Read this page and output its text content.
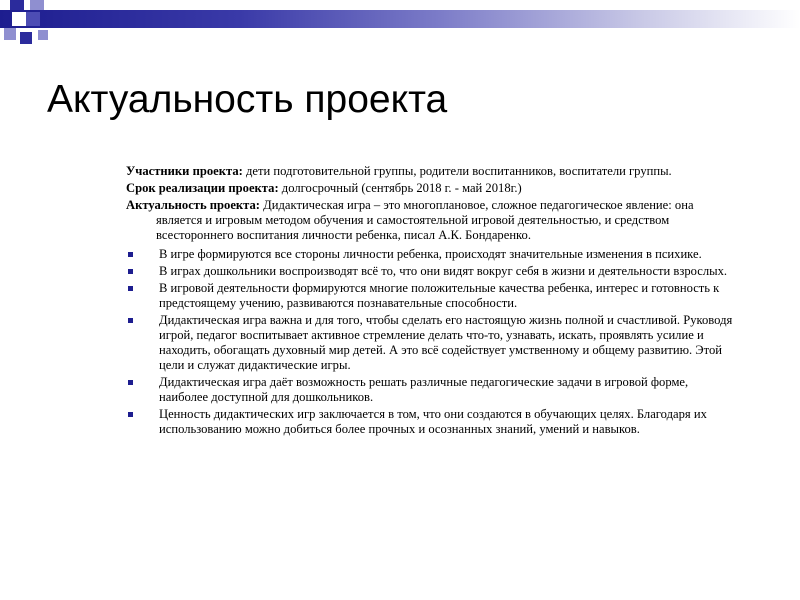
Актуальность проекта

Участники проекта: дети подготовительной группы, родители воспитанников, воспитатели группы.

Срок реализации проекта: долгосрочный (сентябрь 2018 г. - май 2018г.)

Актуальность проекта: Дидактическая игра – это многоплановое, сложное педагогическое явление: она является и игровым методом обучения и самостоятельной игровой деятельностью, и средством всестороннего воспитания личности ребенка, писал А.К. Бондаренко.

В игре формируются все стороны личности ребенка, происходят значительные изменения в психике.
В играх дошкольники воспроизводят всё то, что они видят вокруг себя в жизни и деятельности взрослых.
В игровой деятельности формируются многие положительные качества ребенка, интерес и готовность к предстоящему учению, развиваются познавательные способности.
Дидактическая игра важна и для того, чтобы сделать его настоящую жизнь полной и счастливой. Руководя игрой, педагог воспитывает активное стремление делать что-то, узнавать, искать, проявлять усилие и находить, обогащать духовный мир детей. А это всё содействует умственному и общему развитию. Этой цели и служат дидактические игры.
Дидактическая игра даёт возможность решать различные педагогические задачи в игровой форме, наиболее доступной для дошкольников.
Ценность дидактических игр заключается в том, что они создаются в обучающих целях. Благодаря их использованию можно добиться более прочных и осознанных знаний, умений и навыков.
